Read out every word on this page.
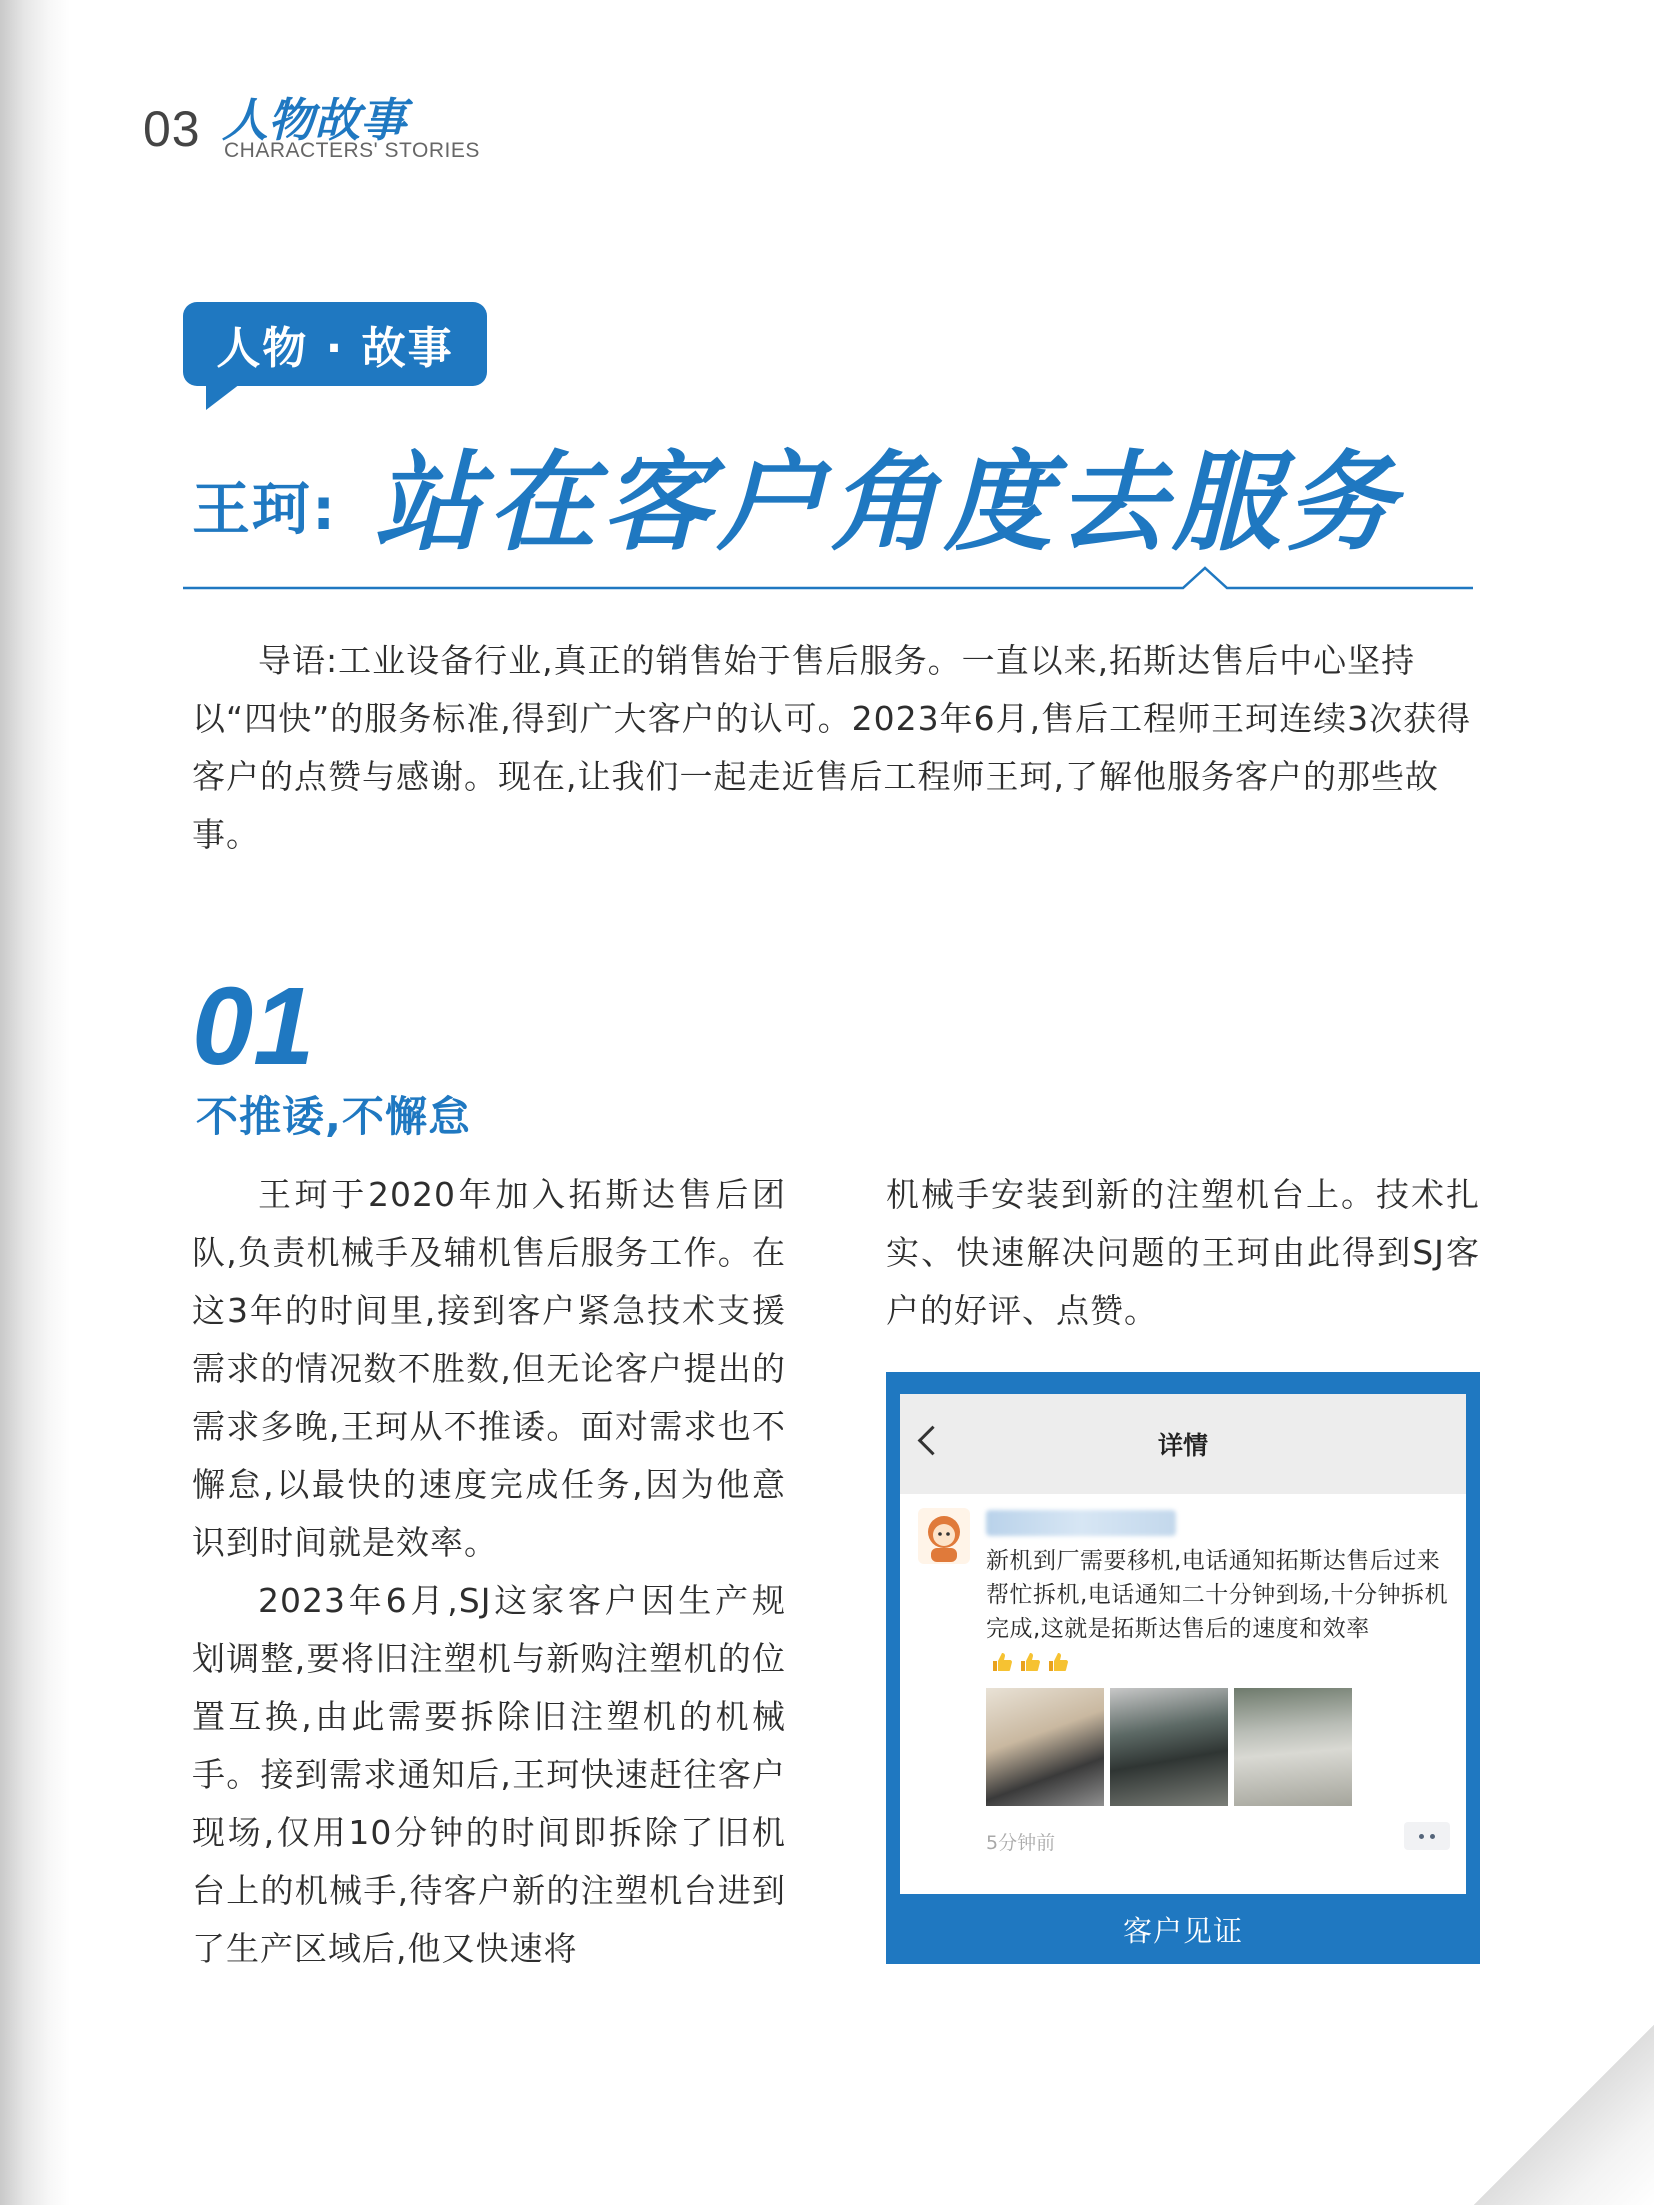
03 人物故事
CHARACTERS' STORIES
人物 · 故事
王珂: 站在客户角度去服务

导语:工业设备行业,真正的销售始于售后服务。一直以来,拓斯达售后中心坚持以“四快”的服务标准,得到广大客户的认可。2023年6月,售后工程师王珂连续3次获得客户的点赞与感谢。现在,让我们一起走近售后工程师王珂,了解他服务客户的那些故事。

01
不推诿,不懈怠

王珂于2020年加入拓斯达售后团队,负责机械手及辅机售后服务工作。在这3年的时间里,接到客户紧急技术支援需求的情况数不胜数,但无论客户提出的需求多晚,王珂从不推诿。面对需求也不懈怠,以最快的速度完成任务,因为他意识到时间就是效率。

2023年6月,SJ这家客户因生产规划调整,要将旧注塑机与新购注塑机的位置互换,由此需要拆除旧注塑机的机械手。接到需求通知后,王珂快速赶往客户现场,仅用10分钟的时间即拆除了旧机台上的机械手,待客户新的注塑机台进到了生产区域后,他又快速将

机械手安装到新的注塑机台上。技术扎实、快速解决问题的王珂由此得到SJ客户的好评、点赞。

详情

新机到厂需要移机,电话通知拓斯达售后过来帮忙拆机,电话通知二十分钟到场,十分钟拆机完成,这就是拓斯达售后的速度和效率

5分钟前
客户见证
